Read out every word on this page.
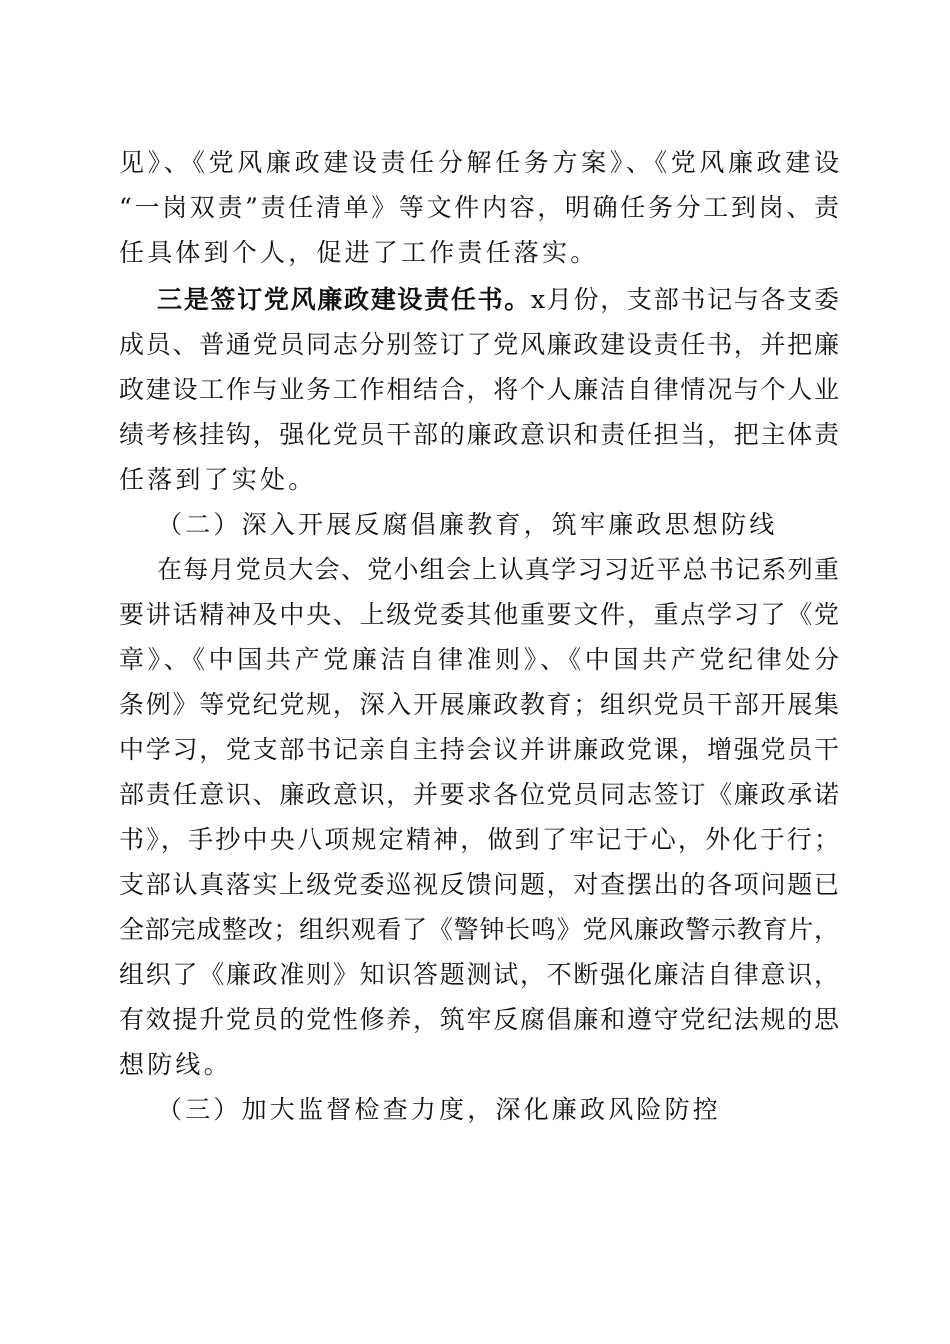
见》、《党风廉政建设责任分解任务方案》、《党风廉政建设
“一岗双责”责任清单》等文件内容，明确任务分工到岗、责
任具体到个人，促进了工作责任落实。
三是签订党风廉政建设责任书。x月份，支部书记与各支委
成员、普通党员同志分别签订了党风廉政建设责任书，并把廉
政建设工作与业务工作相结合，将个人廉洁自律情况与个人业
绩考核挂钩，强化党员干部的廉政意识和责任担当，把主体责
任落到了实处。
（二）深入开展反腐倡廉教育，筑牢廉政思想防线
在每月党员大会、党小组会上认真学习习近平总书记系列重
要讲话精神及中央、上级党委其他重要文件，重点学习了《党
章》、《中国共产党廉洁自律准则》、《中国共产党纪律处分
条例》等党纪党规，深入开展廉政教育；组织党员干部开展集
中学习，党支部书记亲自主持会议并讲廉政党课，增强党员干
部责任意识、廉政意识，并要求各位党员同志签订《廉政承诺
书》，手抄中央八项规定精神，做到了牢记于心，外化于行；
支部认真落实上级党委巡视反馈问题，对查摆出的各项问题已
全部完成整改；组织观看了《警钟长鸣》党风廉政警示教育片，
组织了《廉政准则》知识答题测试，不断强化廉洁自律意识，
有效提升党员的党性修养，筑牢反腐倡廉和遵守党纪法规的思
想防线。
（三）加大监督检查力度，深化廉政风险防控
